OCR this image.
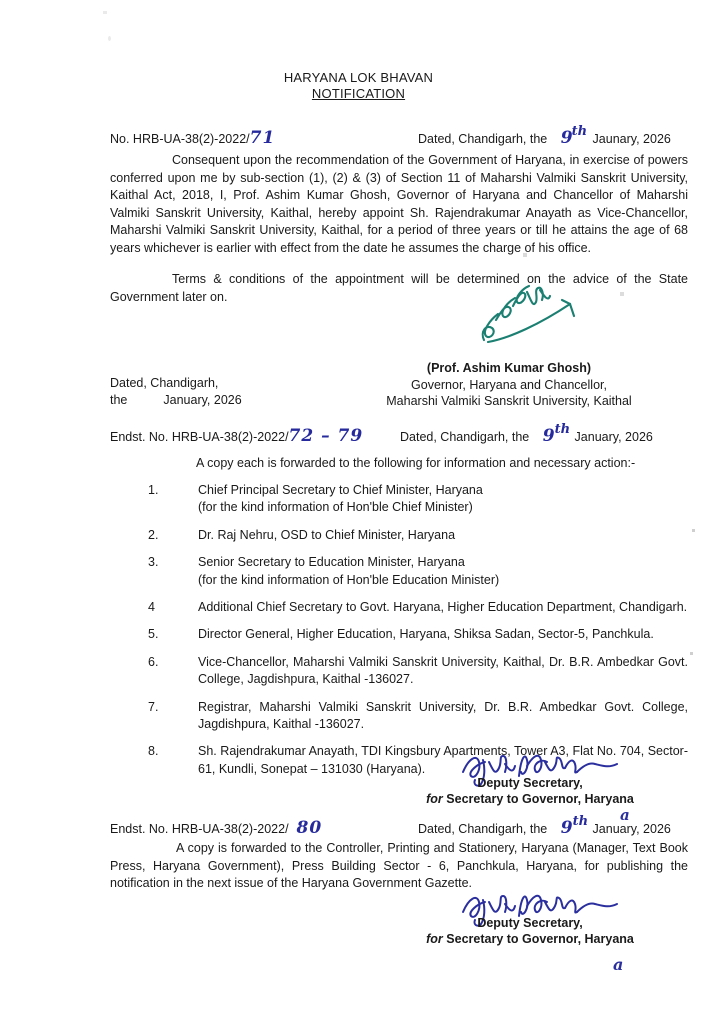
HARYANA LOK BHAVAN
NOTIFICATION
No. HRB-UA-38(2)-2022/71	Dated, Chandigarh, the 9th Jaunary, 2026

Consequent upon the recommendation of the Government of Haryana, in exercise of powers conferred upon me by sub-section (1), (2) & (3) of Section 11 of Maharshi Valmiki Sanskrit University, Kaithal Act, 2018, I, Prof. Ashim Kumar Ghosh, Governor of Haryana and Chancellor of Maharshi Valmiki Sanskrit University, Kaithal, hereby appoint Sh. Rajendrakumar Anayath as Vice-Chancellor, Maharshi Valmiki Sanskrit University, Kaithal, for a period of three years or till he attains the age of 68 years whichever is earlier with effect from the date he assumes the charge of his office.

Terms & conditions of the appointment will be determined on the advice of the State Government later on.

(Prof. Ashim Kumar Ghosh)
Governor, Haryana and Chancellor,
Maharshi Valmiki Sanskrit University, Kaithal
Dated, Chandigarh,
the	January, 2026
Endst. No. HRB-UA-38(2)-2022/72 – 79	Dated, Chandigarh, the 9th January, 2026

A copy each is forwarded to the following for information and necessary action:-

1.	Chief Principal Secretary to Chief Minister, Haryana
(for the kind information of Hon'ble Chief Minister)
2.	Dr. Raj Nehru, OSD to Chief Minister, Haryana
3.	Senior Secretary to Education Minister, Haryana
(for the kind information of Hon'ble Education Minister)
4	Additional Chief Secretary to Govt. Haryana, Higher Education Department, Chandigarh.
5.	Director General, Higher Education, Haryana, Shiksa Sadan, Sector-5, Panchkula.
6.	Vice-Chancellor, Maharshi Valmiki Sanskrit University, Kaithal, Dr. B.R. Ambedkar Govt. College, Jagdishpura, Kaithal -136027.
7.	Registrar, Maharshi Valmiki Sanskrit University, Dr. B.R. Ambedkar Govt. College, Jagdishpura, Kaithal -136027.
8.	Sh. Rajendrakumar Anayath, TDI Kingsbury Apartments, Tower A3, Flat No. 704, Sector-61, Kundli, Sonepat – 131030 (Haryana).
Deputy Secretary,
for Secretary to Governor, Haryana
Endst. No. HRB-UA-38(2)-2022/ 80	Dated, Chandigarh, the 9th January, 2026
a

A copy is forwarded to the Controller, Printing and Stationery, Haryana (Manager, Text Book Press, Haryana Government), Press Building Sector - 6, Panchkula, Haryana, for publishing the notification in the next issue of the Haryana Government Gazette.

Deputy Secretary,
for Secretary to Governor, Haryana
a
